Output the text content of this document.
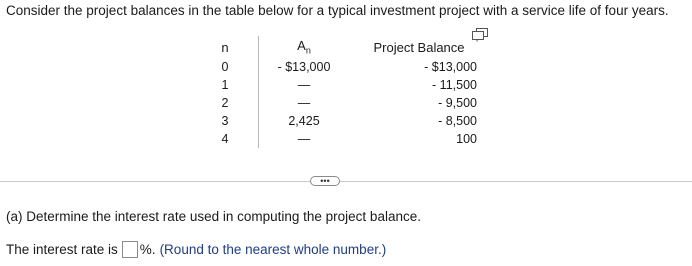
Consider the project balances in the table below for a typical investment project with a service life of four years.
n	$A_n$	Project Balance
0	- $13,000	- $13,000
1	—	- 11,500
2	—	- 9,500
3	2,425	- 8,500
4	—	100
•••
(a) Determine the interest rate used in computing the project balance.
The interest rate is %. (Round to the nearest whole number.)
